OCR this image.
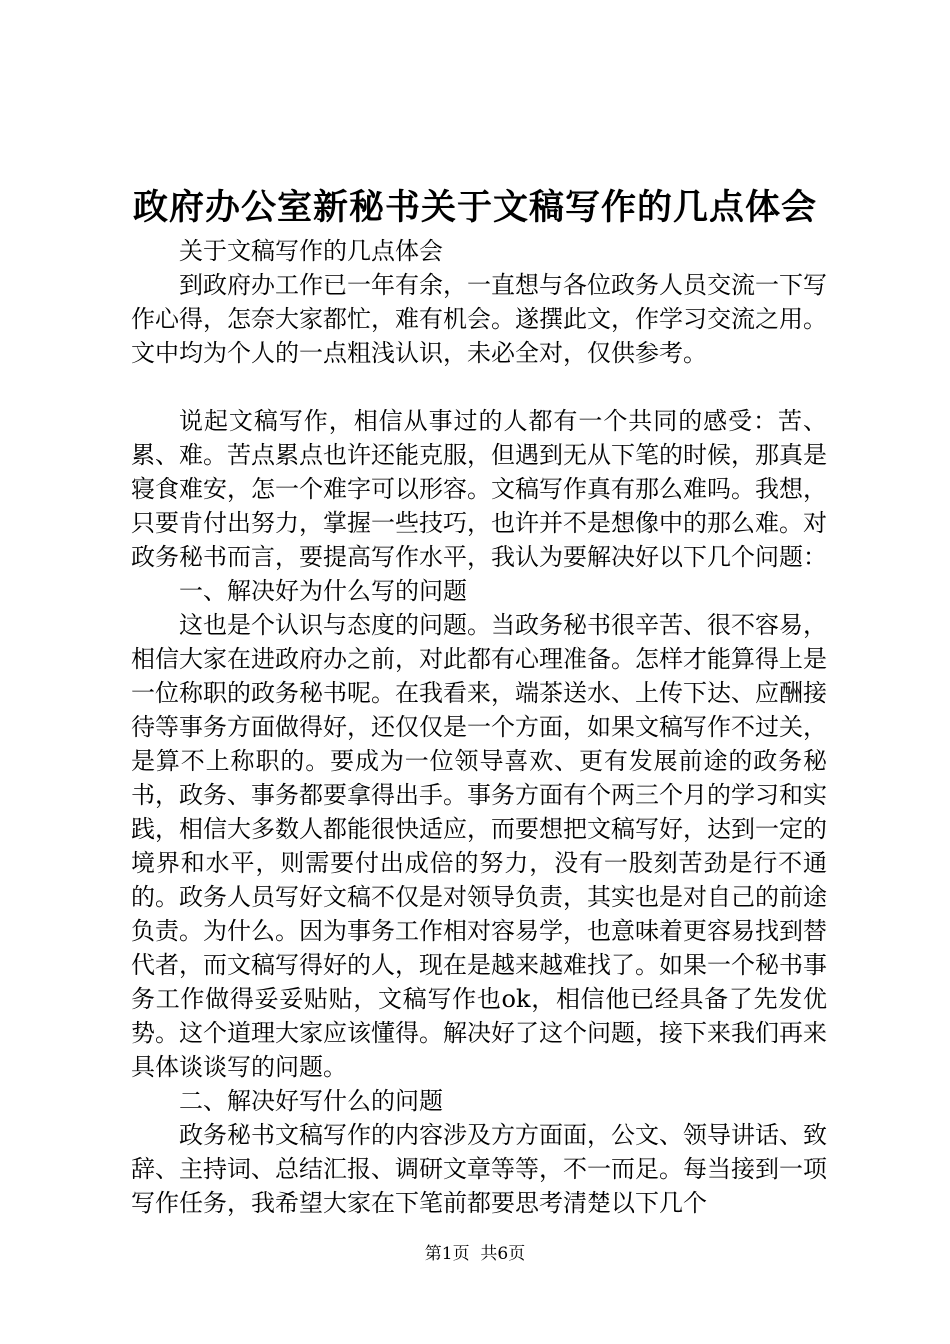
政府办公室新秘书关于文稿写作的几点体会

关于文稿写作的几点体会

到政府办工作已一年有余，一直想与各位政务人员交流一下写作心得，怎奈大家都忙，难有机会。遂撰此文，作学习交流之用。文中均为个人的一点粗浅认识，未必全对，仅供参考。

说起文稿写作，相信从事过的人都有一个共同的感受：苦、累、难。苦点累点也许还能克服，但遇到无从下笔的时候，那真是寝食难安，怎一个难字可以形容。文稿写作真有那么难吗。我想，只要肯付出努力，掌握一些技巧，也许并不是想像中的那么难。对政务秘书而言，要提高写作水平，我认为要解决好以下几个问题：

一、解决好为什么写的问题

这也是个认识与态度的问题。当政务秘书很辛苦、很不容易，相信大家在进政府办之前，对此都有心理准备。怎样才能算得上是一位称职的政务秘书呢。在我看来，端茶送水、上传下达、应酬接待等事务方面做得好，还仅仅是一个方面，如果文稿写作不过关，是算不上称职的。要成为一位领导喜欢、更有发展前途的政务秘书，政务、事务都要拿得出手。事务方面有个两三个月的学习和实践，相信大多数人都能很快适应，而要想把文稿写好，达到一定的境界和水平，则需要付出成倍的努力，没有一股刻苦劲是行不通的。政务人员写好文稿不仅是对领导负责，其实也是对自己的前途负责。为什么。因为事务工作相对容易学，也意味着更容易找到替代者，而文稿写得好的人，现在是越来越难找了。如果一个秘书事务工作做得妥妥贴贴，文稿写作也ok，相信他已经具备了先发优势。这个道理大家应该懂得。解决好了这个问题，接下来我们再来具体谈谈写的问题。

二、解决好写什么的问题

政务秘书文稿写作的内容涉及方方面面，公文、领导讲话、致辞、主持词、总结汇报、调研文章等等，不一而足。每当接到一项写作任务，我希望大家在下笔前都要思考清楚以下几个

第1页  共6页
